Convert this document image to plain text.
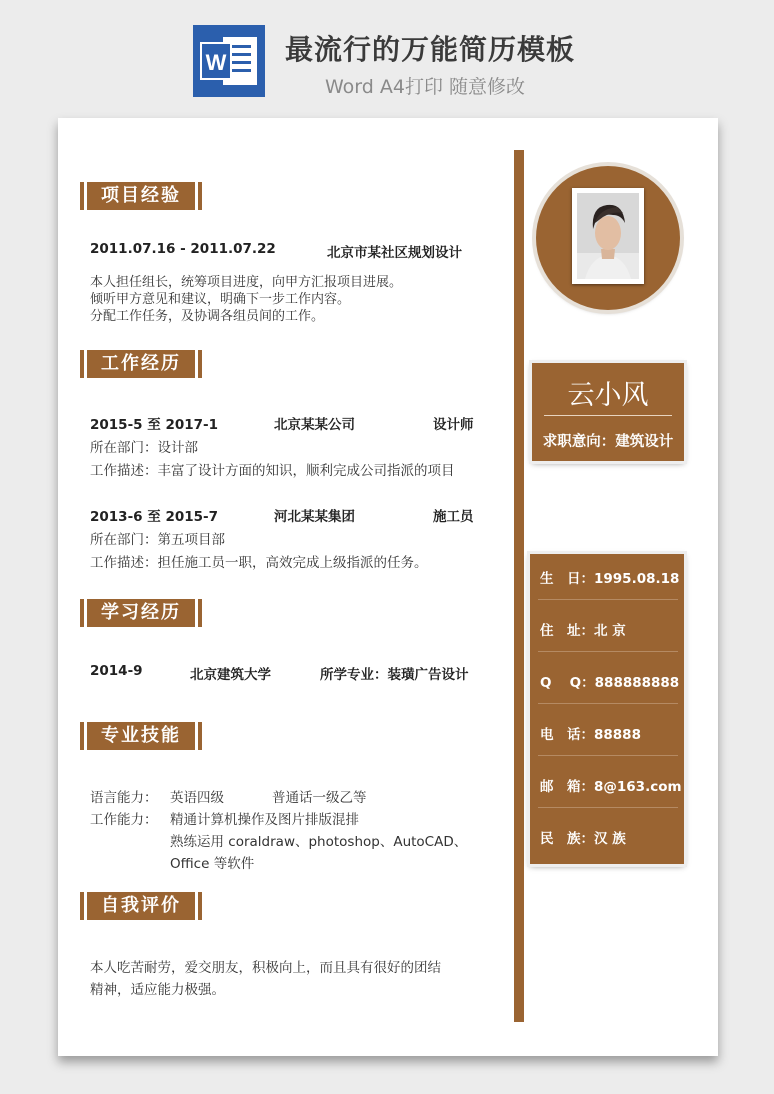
W 最流行的万能简历模板
Word A4打印 随意修改
项目经验
2011.07.16 - 2011.07.22	北京市某社区规划设计
本人担任组长，统筹项目进度，向甲方汇报项目进展。
倾听甲方意见和建议，明确下一步工作内容。
分配工作任务，及协调各组员间的工作。
工作经历
2015-5 至 2017-1	北京某某公司	设计师
所在部门：设计部
工作描述：丰富了设计方面的知识，顺利完成公司指派的项目
2013-6 至 2015-7	河北某某集团	施工员
所在部门：第五项目部
工作描述：担任施工员一职，高效完成上级指派的任务。
学习经历
2014-9	北京建筑大学	所学专业：装璜广告设计
专业技能
语言能力： 英语四级	普通话一级乙等
工作能力： 精通计算机操作及图片排版混排
熟练运用 coraldraw、photoshop、AutoCAD、
Office 等软件
自我评价
本人吃苦耐劳，爱交朋友，积极向上，而且具有很好的团结
精神，适应能力极强。
云小风
求职意向：建筑设计
生　日：1995.08.18
住　址：北 京
Q　 Q：888888888
电　话：88888
邮　箱：8@163.com
民　族：汉 族
